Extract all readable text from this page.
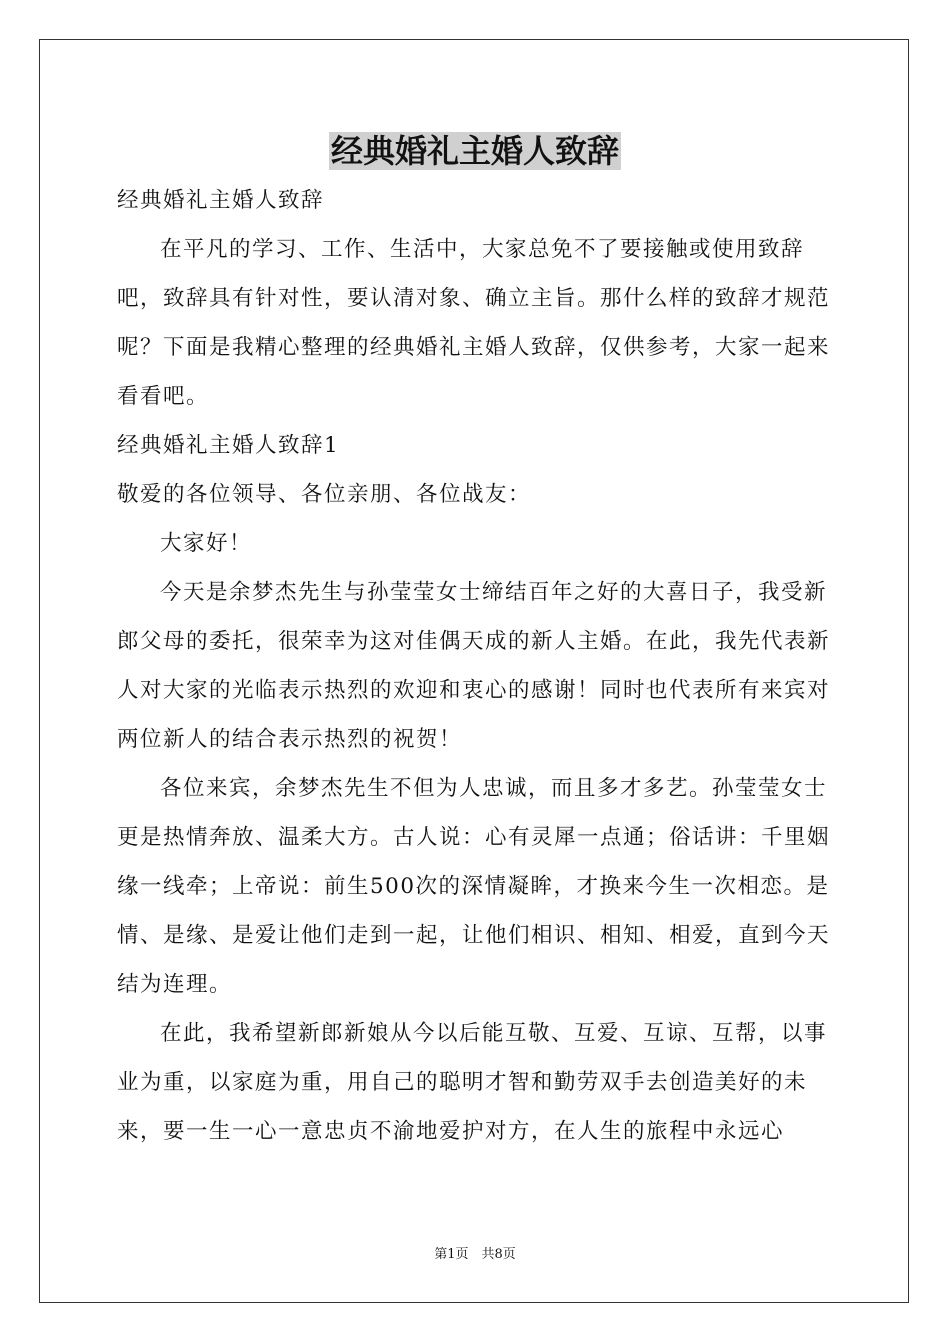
经典婚礼主婚人致辞

经典婚礼主婚人致辞

在平凡的学习、工作、生活中，大家总免不了要接触或使用致辞吧，致辞具有针对性，要认清对象、确立主旨。那什么样的致辞才规范呢？下面是我精心整理的经典婚礼主婚人致辞，仅供参考，大家一起来看看吧。

经典婚礼主婚人致辞1

敬爱的各位领导、各位亲朋、各位战友：

大家好！

今天是余梦杰先生与孙莹莹女士缔结百年之好的大喜日子，我受新郎父母的委托，很荣幸为这对佳偶天成的新人主婚。在此，我先代表新人对大家的光临表示热烈的欢迎和衷心的感谢！同时也代表所有来宾对两位新人的结合表示热烈的祝贺！

各位来宾，余梦杰先生不但为人忠诚，而且多才多艺。孙莹莹女士更是热情奔放、温柔大方。古人说：心有灵犀一点通；俗话讲：千里姻缘一线牵；上帝说：前生500次的深情凝眸，才换来今生一次相恋。是情、是缘、是爱让他们走到一起，让他们相识、相知、相爱，直到今天结为连理。

在此，我希望新郎新娘从今以后能互敬、互爱、互谅、互帮，以事业为重，以家庭为重，用自己的聪明才智和勤劳双手去创造美好的未来，要一生一心一意忠贞不渝地爱护对方，在人生的旅程中永远心

第1页　共8页
